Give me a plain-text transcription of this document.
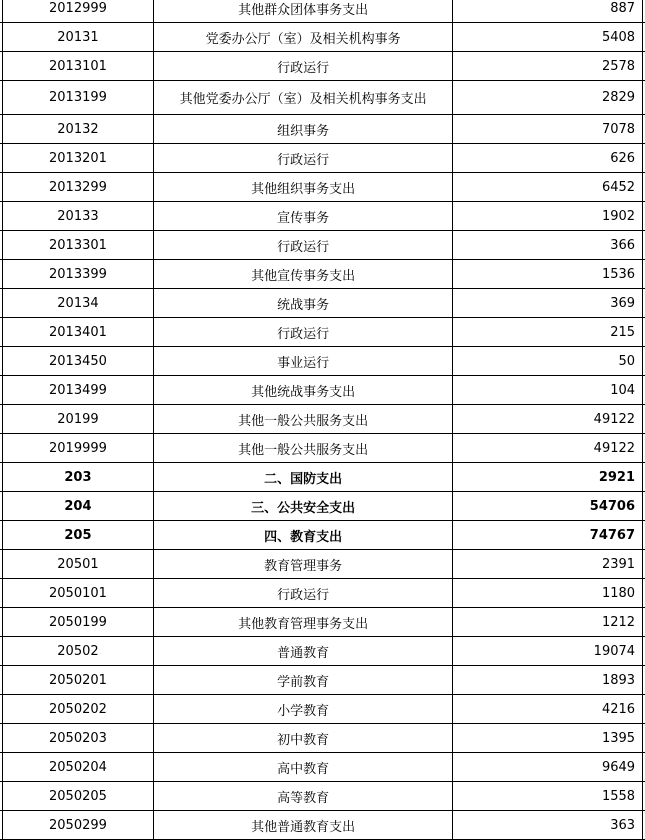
	2012999	其他群众团体事务支出	887	
	20131	党委办公厅（室）及相关机构事务	5408	
	2013101	行政运行	2578	
	2013199	其他党委办公厅（室）及相关机构事务支出	2829	
	20132	组织事务	7078	
	2013201	行政运行	626	
	2013299	其他组织事务支出	6452	
	20133	宣传事务	1902	
	2013301	行政运行	366	
	2013399	其他宣传事务支出	1536	
	20134	统战事务	369	
	2013401	行政运行	215	
	2013450	事业运行	50	
	2013499	其他统战事务支出	104	
	20199	其他一般公共服务支出	49122	
	2019999	其他一般公共服务支出	49122	
	203	二、国防支出	2921	
	204	三、公共安全支出	54706	
	205	四、教育支出	74767	
	20501	教育管理事务	2391	
	2050101	行政运行	1180	
	2050199	其他教育管理事务支出	1212	
	20502	普通教育	19074	
	2050201	学前教育	1893	
	2050202	小学教育	4216	
	2050203	初中教育	1395	
	2050204	高中教育	9649	
	2050205	高等教育	1558	
	2050299	其他普通教育支出	363	
